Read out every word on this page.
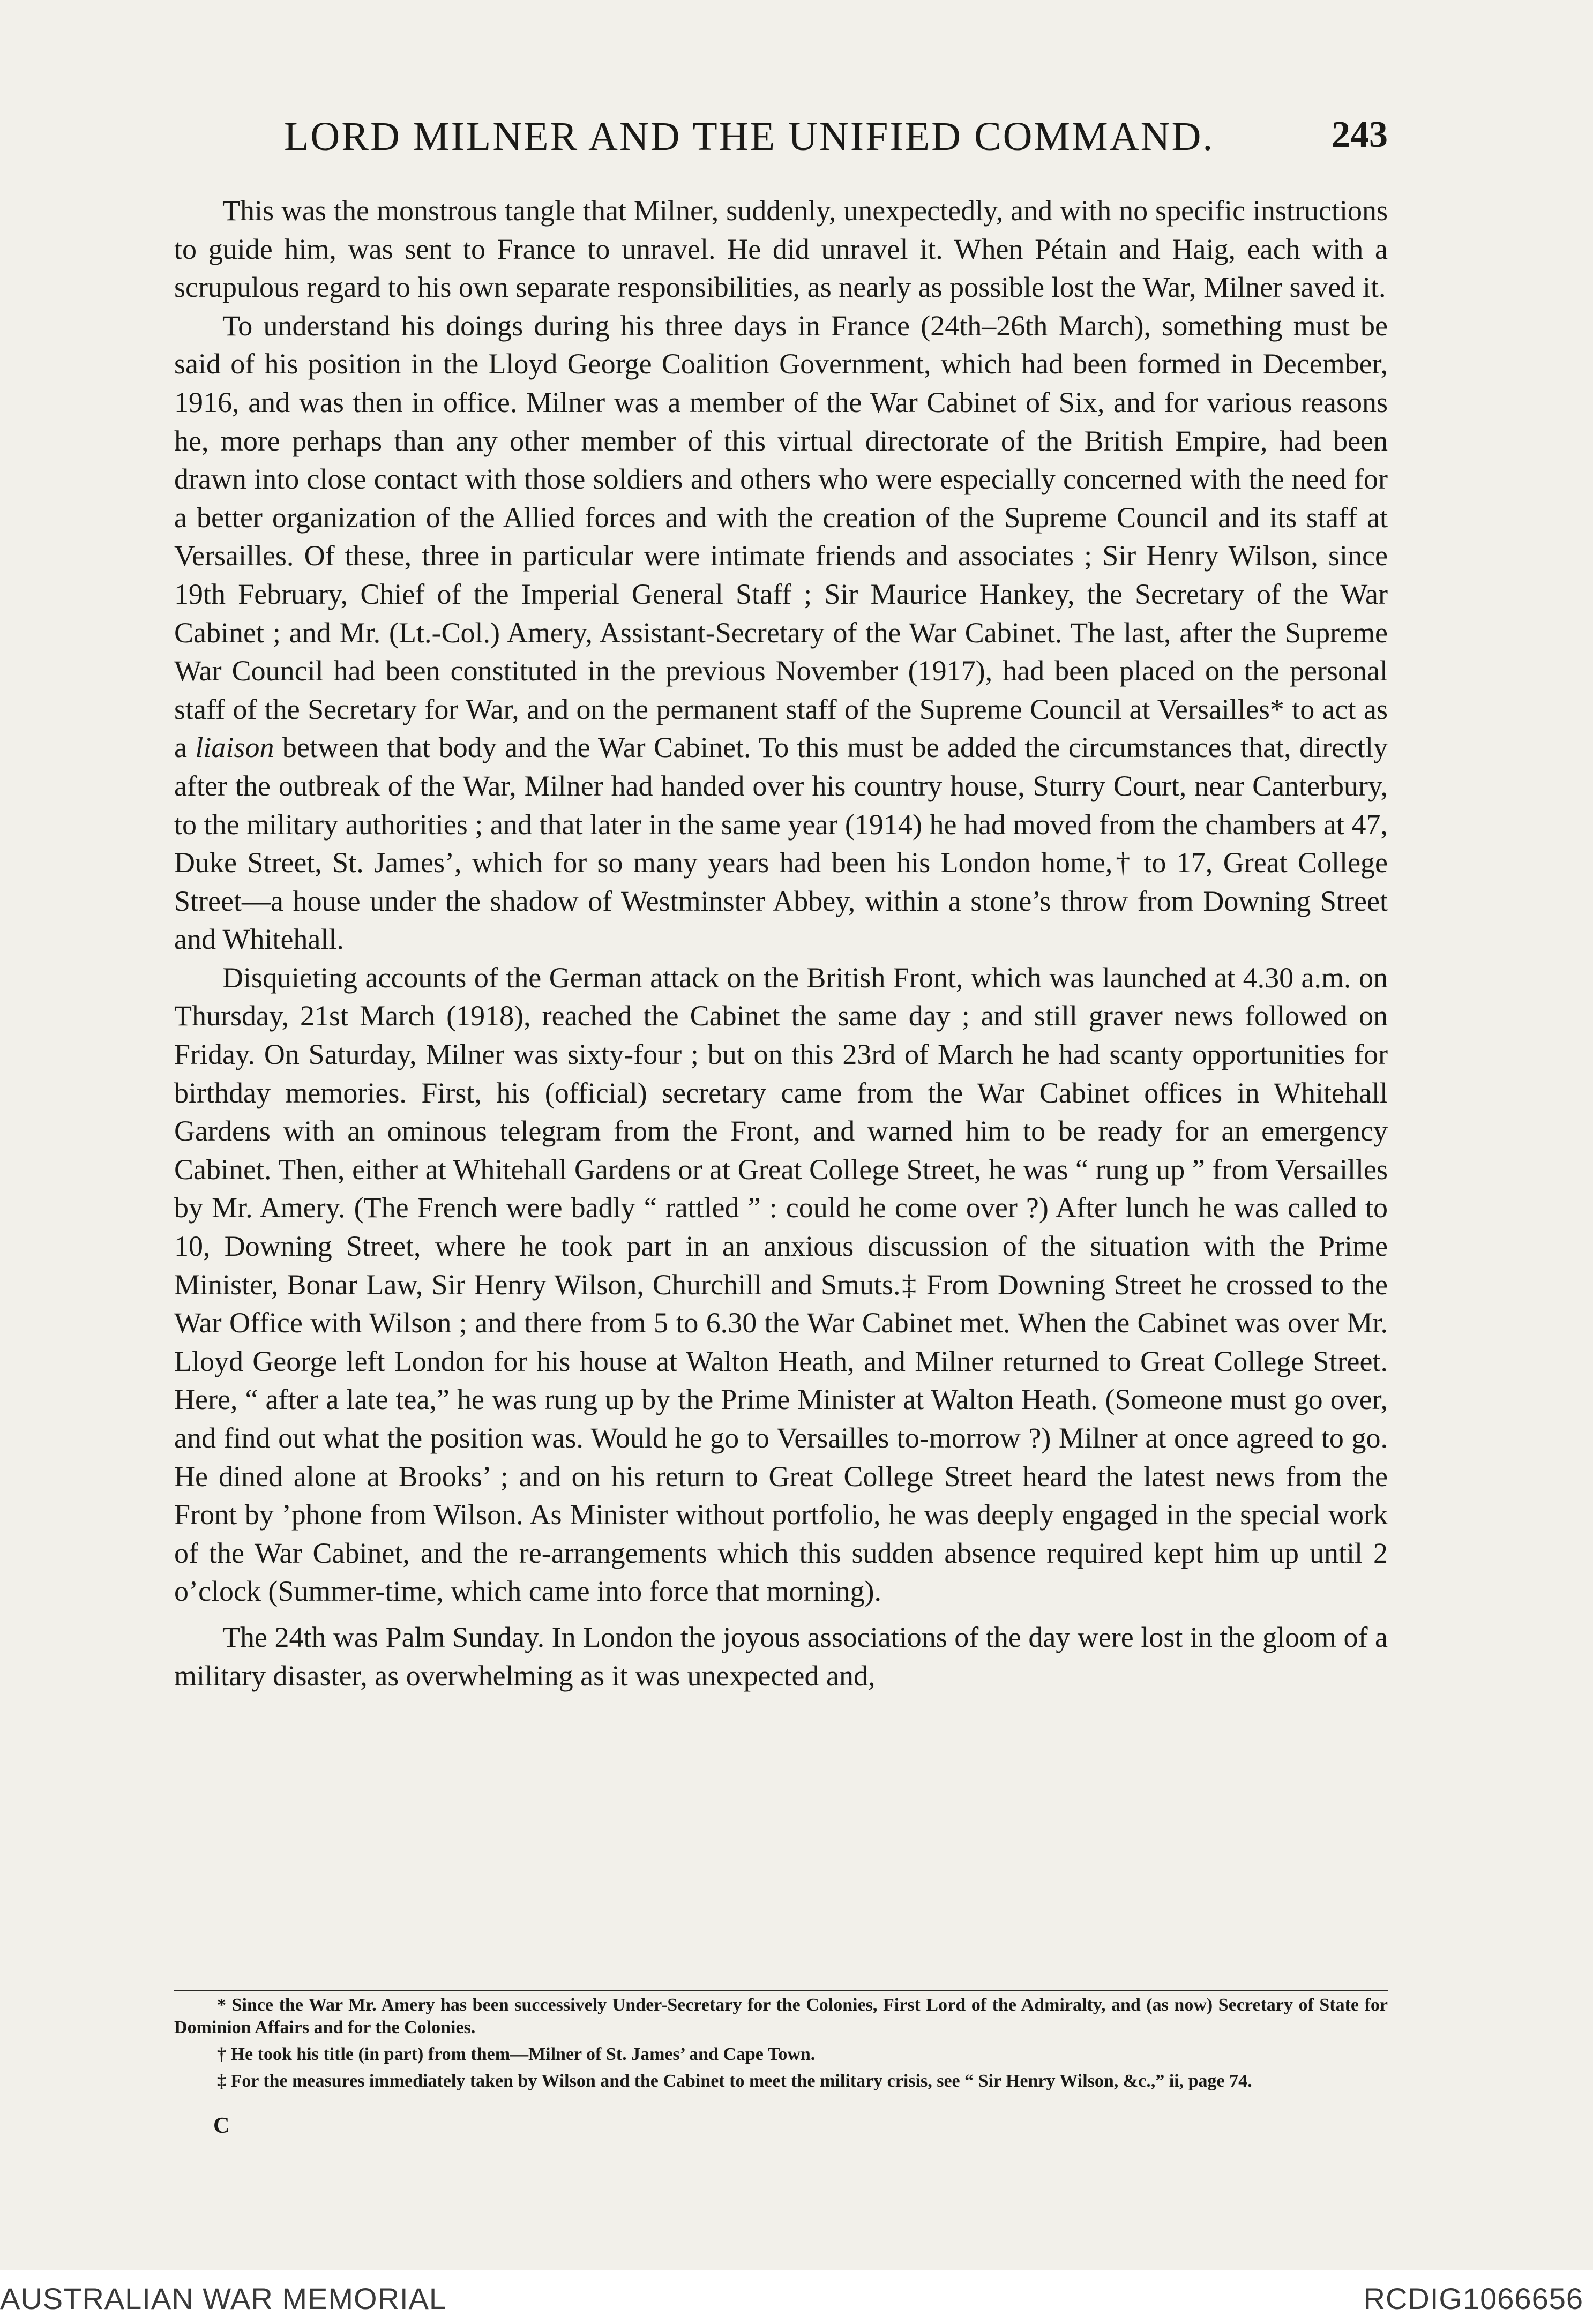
LORD MILNER AND THE UNIFIED COMMAND.	243

This was the monstrous tangle that Milner, suddenly, unexpectedly, and with no specific instructions to guide him, was sent to France to unravel. He did unravel it. When Pétain and Haig, each with a scrupulous regard to his own separate responsibilities, as nearly as possible lost the War, Milner saved it.

To understand his doings during his three days in France (24th–26th March), something must be said of his position in the Lloyd George Coalition Government, which had been formed in December, 1916, and was then in office. Milner was a member of the War Cabinet of Six, and for various reasons he, more perhaps than any other member of this virtual directorate of the British Empire, had been drawn into close contact with those soldiers and others who were especially concerned with the need for a better organization of the Allied forces and with the creation of the Supreme Council and its staff at Versailles. Of these, three in particular were intimate friends and associates ; Sir Henry Wilson, since 19th February, Chief of the Imperial General Staff ; Sir Maurice Hankey, the Secretary of the War Cabinet ; and Mr. (Lt.-Col.) Amery, Assistant-Secretary of the War Cabinet. The last, after the Supreme War Council had been constituted in the previous November (1917), had been placed on the personal staff of the Secretary for War, and on the permanent staff of the Supreme Council at Versailles* to act as a liaison between that body and the War Cabinet. To this must be added the circumstances that, directly after the outbreak of the War, Milner had handed over his country house, Sturry Court, near Canterbury, to the military authorities ; and that later in the same year (1914) he had moved from the chambers at 47, Duke Street, St. James’, which for so many years had been his London home,† to 17, Great College Street—a house under the shadow of Westminster Abbey, within a stone’s throw from Downing Street and Whitehall.

Disquieting accounts of the German attack on the British Front, which was launched at 4.30 a.m. on Thursday, 21st March (1918), reached the Cabinet the same day ; and still graver news followed on Friday. On Saturday, Milner was sixty-four ; but on this 23rd of March he had scanty opportunities for birthday memories. First, his (official) secretary came from the War Cabinet offices in Whitehall Gardens with an ominous telegram from the Front, and warned him to be ready for an emergency Cabinet. Then, either at Whitehall Gardens or at Great College Street, he was “ rung up ” from Versailles by Mr. Amery. (The French were badly “ rattled ” : could he come over ?) After lunch he was called to 10, Downing Street, where he took part in an anxious discussion of the situation with the Prime Minister, Bonar Law, Sir Henry Wilson, Churchill and Smuts.‡ From Downing Street he crossed to the War Office with Wilson ; and there from 5 to 6.30 the War Cabinet met. When the Cabinet was over Mr. Lloyd George left London for his house at Walton Heath, and Milner returned to Great College Street. Here, “ after a late tea,” he was rung up by the Prime Minister at Walton Heath. (Someone must go over, and find out what the position was. Would he go to Versailles to-morrow ?) Milner at once agreed to go. He dined alone at Brooks’ ; and on his return to Great College Street heard the latest news from the Front by ’phone from Wilson. As Minister without portfolio, he was deeply engaged in the special work of the War Cabinet, and the re-arrangements which this sudden absence required kept him up until 2 o’clock (Summer-time, which came into force that morning).

The 24th was Palm Sunday. In London the joyous associations of the day were lost in the gloom of a military disaster, as overwhelming as it was unexpected and,

* Since the War Mr. Amery has been successively Under-Secretary for the Colonies, First Lord of the Admiralty, and (as now) Secretary of State for Dominion Affairs and for the Colonies.

† He took his title (in part) from them—Milner of St. James’ and Cape Town.

‡ For the measures immediately taken by Wilson and the Cabinet to meet the military crisis, see “ Sir Henry Wilson, &c.,” ii, page 74.

C
AUSTRALIAN WAR MEMORIAL	RCDIG1066656
